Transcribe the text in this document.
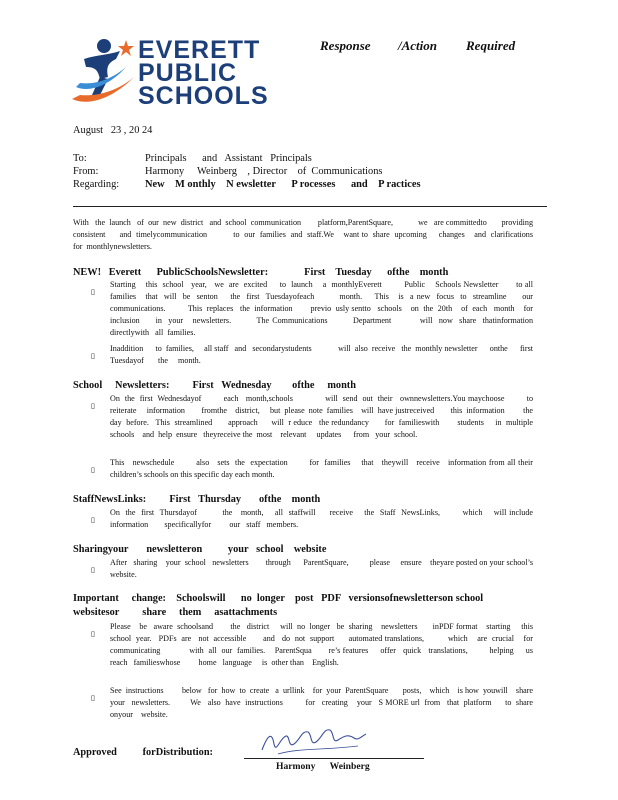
EVERETT
PUBLIC
SCHOOLS
Response /Action Required
August   23 , 20 24
To:	Principals      and   Assistant   Principals
From:	Harmony     Weinberg    , Director    of  Communications
Regarding: New    M onthly    N ewsletter      P rocesses      and    P ractices
With   the  launch   of  our  new  district   and  school  communication        platform,ParentSquare,            we   are committedto       providing       consistent      and  timelycommunication           to  our  families  and  staff.We    want to  share  upcoming     changes    and  clarifications        for  monthlynewsletters.
NEW!   Everett      PublicSchoolsNewsletter:              First    Tuesday      ofthe    month
▯
Starting    this  school   year,   we  are  excited     to  launch    a  monthlyEverett         Public    Schools Newsletter       to all  families   that  will  be  senton    the  first  Tuesdayofeach        month.    This   is  a new  focus  to  streamline     our  communications.          This  replaces   the  information        previo  usly sentto   schools    on  the  20th    of  each   month    for  inclusion     in  your   newsletters.        The Communications        Department         will  now  share  thatinformation          directlywith   all  families.
▯
Inaddition      to  families,     all staff   and   secondarystudents             will  also  receive   the  monthly newsletter      onthe      first   Tuesdayof       the     month.
School     Newsletters:         First   Wednesday        ofthe     month
▯
On  the  first  Wednesdayof         each   month,schools             will  send  out  their   ownnewsletters.You maychoose         to  reiterate     information        fromthe    district,     but  please  note  families    will  have justreceived        this  information         the   day  before.   This  streamlined       approach      will  r educe   the redundancy       for  familieswith        students     in  multiple    schools    and  help  ensure   theyreceive the  most    relevant     updates      from   your  school.
▯
This   newschedule        also   sets  the  expectation        for  families    that   theywill   receive   information from all their children’s schools on this specific day each month.
StaffNewsLinks:         First   Thursday       ofthe    month
▯
On  the  first  Thursdayof         the   month,    all  staffwill     receive    the  Staff  NewsLinks,        which    will include     information        specificallyfor         our   staff   members.
Sharingyour       newsletteron          your   school    website
▯
After   sharing    your  school   newsletters        through      ParentSquare,          please     ensure    theyare posted on your school’s website.
Important     change:    Schoolswill      no  longer    post   PDF   versionsofnewsletterson school   websitesor         share     them     asattachments
▯
Please    be   aware  schoolsand        the   district     will  no  longer   be  sharing    newsletters       inPDF format    starting     this   school  year.   PDFs  are   not  accessible       and   do  not  support      automated translations,          which    are  crucial    for  communicating            with  all  our  families.    ParentSqua       re’s features     offer   quick   translations,         helping     us  reach   familieswhose         home   language     is  other than    English.
▯
See  instructions         below   for  how  to  create   a  urllink    for  your  ParentSquare       posts,    which    is how  youwill    share   your   newsletters.         We   also  have  instructions          for   creating    your   S MORE url  from   that  platform      to  share   onyour    website.
Approved          forDistribution:
Harmony      Weinberg
